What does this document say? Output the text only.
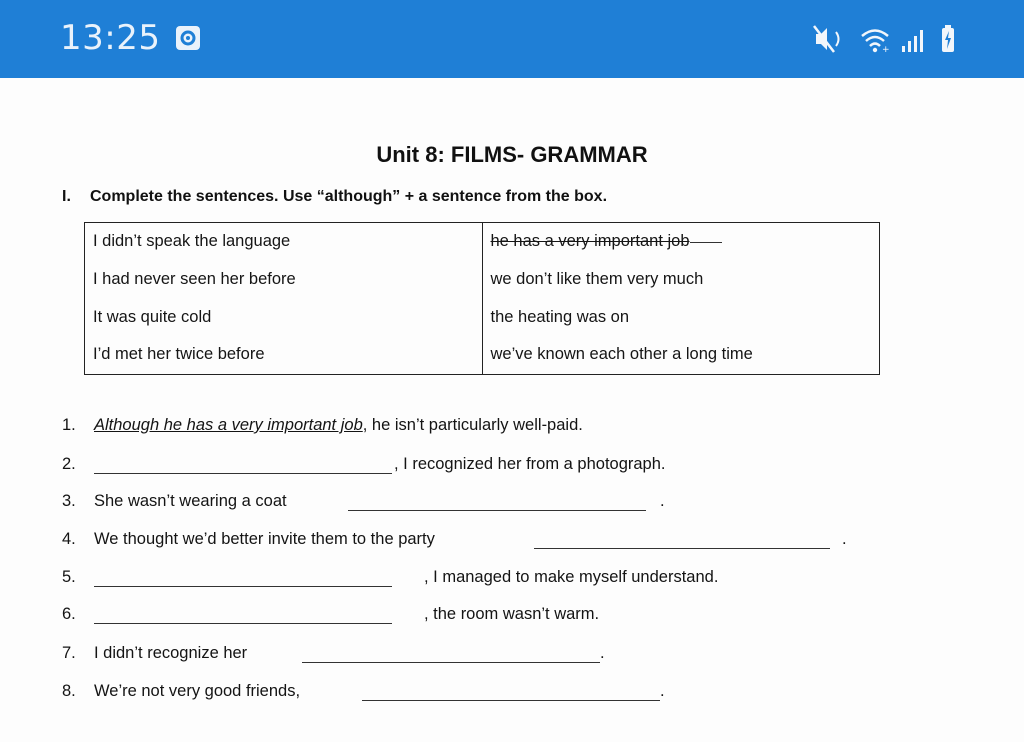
13:25	+
Unit 8: FILMS- GRAMMAR
I. Complete the sentences. Use “although” + a sentence from the box.
I didn’t speak the language	he has a very important job
I had never seen her before	we don’t like them very much
It was quite cold	the heating was on
I’d met her twice before	we’ve known each other a long time
1. Although he has a very important job, he isn’t particularly well-paid.
2.	, I recognized her from a photograph.
3. She wasn’t wearing a coat	.
4. We thought we’d better invite them to the party	.
5.	, I managed to make myself understand.
6.	, the room wasn’t warm.
7. I didn’t recognize her	.
8. We’re not very good friends,	.
